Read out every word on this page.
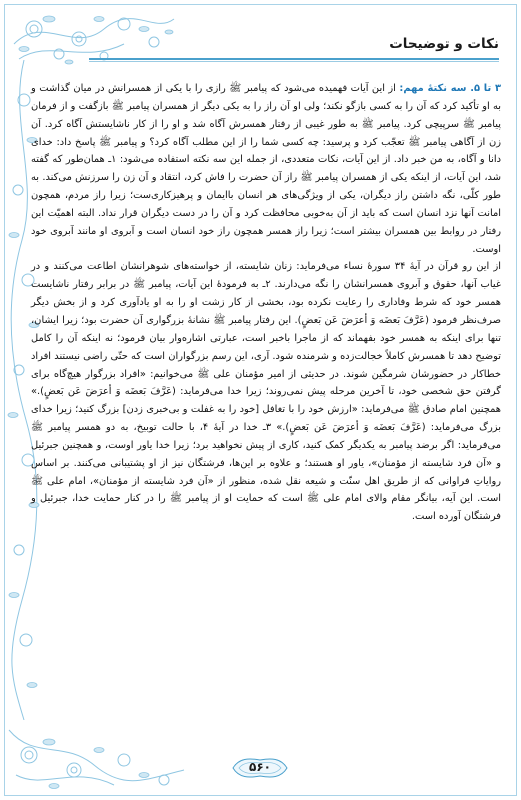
نکات و توضیحات

۳ تا ۵. سه نکتۀ مهم: از این آیات فهمیده می‌شود که پیامبر ﷺ رازی را با یکی از همسرانش در میان گذاشت و به او تأکید کرد که آن را به کسی بازگو نکند؛ ولی او آن راز را به یکی دیگر از همسران پیامبر ﷺ بازگفت و از فرمان پیامبر ﷺ سرپیچی کرد. پیامبر ﷺ به طور غیبی از رفتار همسرش آگاه شد و او را از کار ناشایستش آگاه کرد. آن زن از آگاهی پیامبر ﷺ تعجّب کرد و پرسید: چه کسی شما را از این مطلب آگاه کرد؟ و پیامبر ﷺ پاسخ داد: خدای دانا و آگاه، به من خبر داد. از این آیات، نکات متعددی، از جمله این سه نکته استفاده می‌شود: ۱ـ همان‌طور که گفته شد، این آیات، از اینکه یکی از همسران پیامبر ﷺ راز آن حضرت را فاش کرد، انتقاد و آن زن را سرزنش می‌کند. به طور کلّی، نگه داشتن راز دیگران، یکی از ویژگی‌های هر انسان باایمان و پرهیزکاری‌ست؛ زیرا راز مردم، همچون امانت آنها نزد انسان است که باید از آن به‌خوبی محافظت کرد و آن را در دست دیگران قرار نداد. البته اهمیّت این رفتار در روابط بین همسران بیشتر است؛ زیرا راز همسر همچون راز خود انسان است و آبروی او مانند آبروی خود اوست.

از این رو قرآن در آیۀ ۳۴ سورۀ نساء می‌فرماید: زنان شایسته، از خواسته‌های شوهرانشان اطاعت می‌کنند و در غیاب آنها، حقوق و آبروی همسرانشان را نگه می‌دارند. ۲ـ به فرمودۀ این آیات، پیامبر ﷺ در برابر رفتار ناشایست همسر خود که شرط وفاداری را رعایت نکرده بود، بخشی از کار زشت او را به او یادآوری کرد و از بخش دیگر صرف‌نظر فرمود (عَرَّفَ بَعضَه وَ أعرَضَ عَن بَعضٍ). این رفتار پیامبر ﷺ نشانۀ بزرگواری آن حضرت بود؛ زیرا ایشان، تنها برای اینکه به همسر خود بفهماند که از ماجرا باخبر است، عبارتی اشاره‌وار بیان فرمود؛ نه اینکه آن را کامل توضیح دهد تا همسرش کاملاً خجالت‌زده و شرمنده شود. آری، این رسم بزرگواران است که حتّی راضی نیستند افراد خطاکار در حضورشان شرمگین شوند. در حدیثی از امیر مؤمنان علی ﷺ می‌خوانیم: «افراد بزرگوار هیچ‌گاه برای گرفتن حق شخصی خود، تا آخرین مرحله پیش نمی‌روند؛ زیرا خدا می‌فرماید: (عَرَّفَ بَعضَه وَ أعرَضَ عَن بَعضٍ).» همچنین امام صادق ﷺ می‌فرماید: «ارزش خود را با تغافل [خود را به غفلت و بی‌خبری زدن] بزرگ کنید؛ زیرا خدای بزرگ می‌فرماید: (عَرَّفَ بَعضَه وَ أعرَضَ عَن بَعضٍ).» ۳ـ خدا در آیۀ ۴، با حالت توبیخ، به دو همسر پیامبر ﷺ می‌فرماید: اگر برضد پیامبر به یکدیگر کمک کنید، کاری از پیش نخواهید برد؛ زیرا خدا یاور اوست، و همچنین جبرئیل و «آن فرد شایسته از مؤمنان»، یاور او هستند؛ و علاوه بر این‌ها، فرشتگان نیز از او پشتیبانی می‌کنند. بر اساس روایاتِ فراوانی که از طریق اهل سنّت و شیعه نقل شده، منظور از «آن فرد شایسته از مؤمنان»، امام علی ﷺ است. این آیه، بیانگر مقام والای امام علی ﷺ است که حمایت او از پیامبر ﷺ را در کنار حمایت خدا، جبرئیل و فرشتگان آورده است.

۵۶۰
